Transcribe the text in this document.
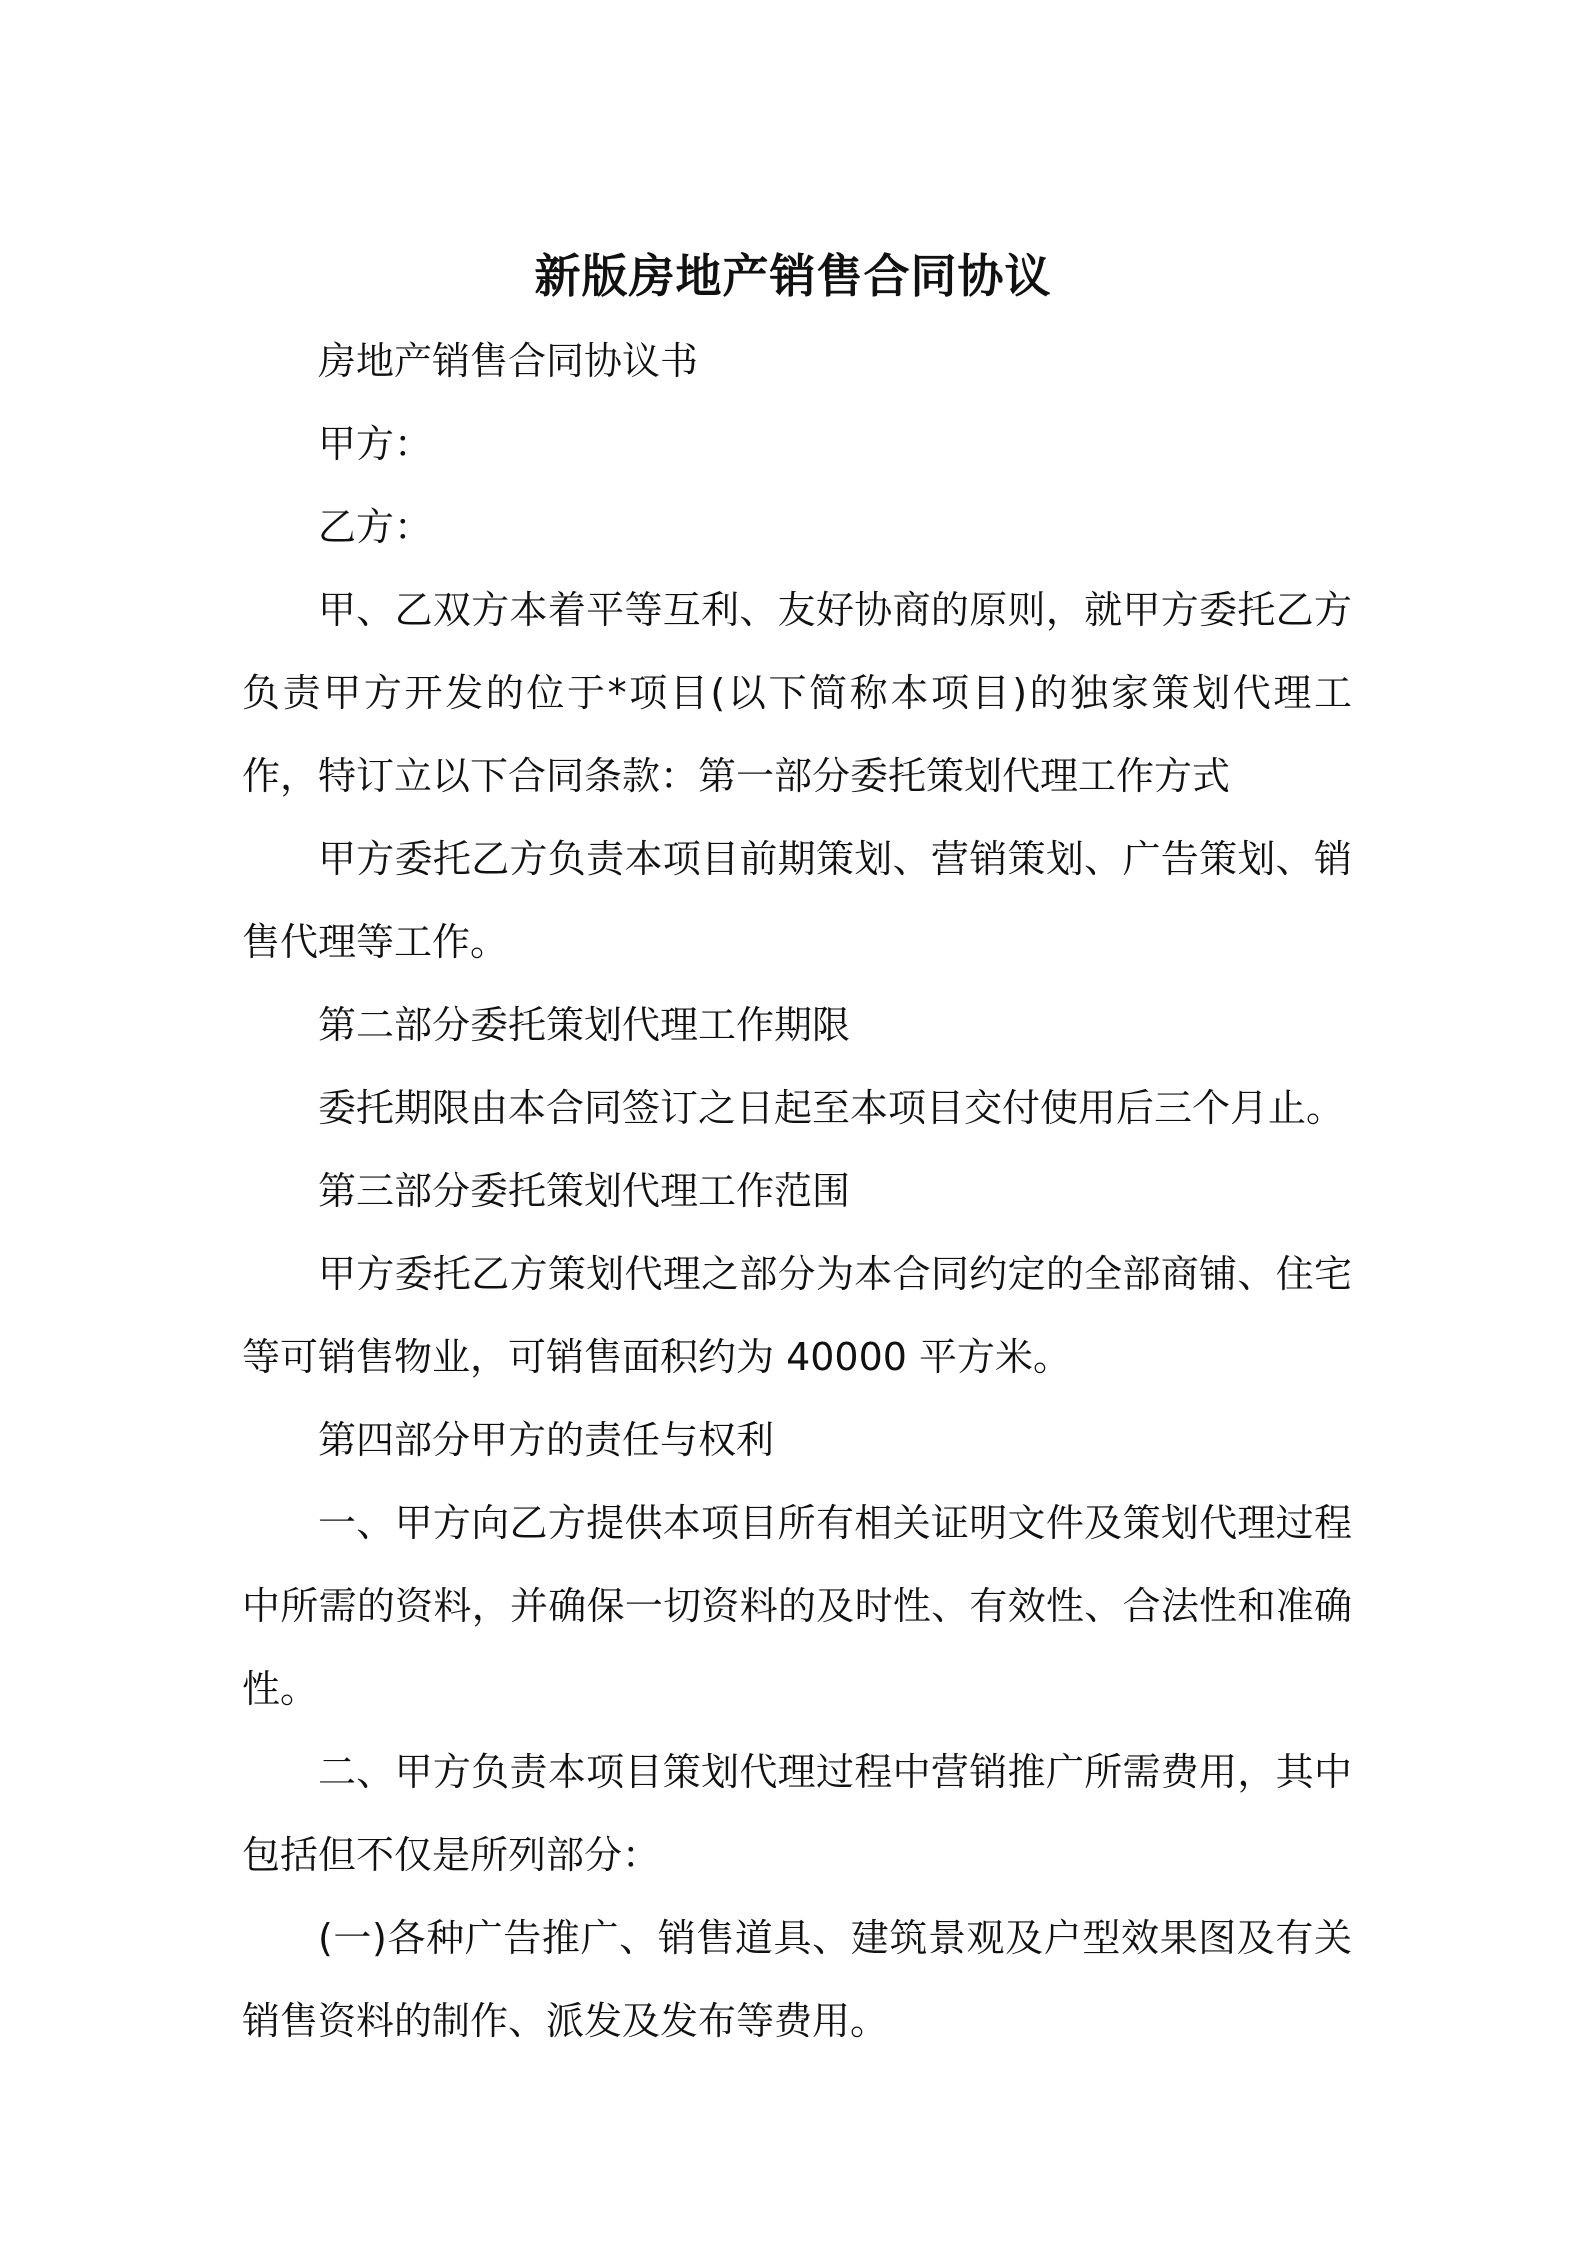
新版房地产销售合同协议

房地产销售合同协议书

甲方：

乙方：

甲、乙双方本着平等互利、友好协商的原则，就甲方委托乙方负责甲方开发的位于*项目(以下简称本项目)的独家策划代理工作，特订立以下合同条款：第一部分委托策划代理工作方式

甲方委托乙方负责本项目前期策划、营销策划、广告策划、销售代理等工作。

第二部分委托策划代理工作期限

委托期限由本合同签订之日起至本项目交付使用后三个月止。

第三部分委托策划代理工作范围

甲方委托乙方策划代理之部分为本合同约定的全部商铺、住宅等可销售物业，可销售面积约为 40000 平方米。

第四部分甲方的责任与权利

一、甲方向乙方提供本项目所有相关证明文件及策划代理过程中所需的资料，并确保一切资料的及时性、有效性、合法性和准确性。

二、甲方负责本项目策划代理过程中营销推广所需费用，其中包括但不仅是所列部分：

(一)各种广告推广、销售道具、建筑景观及户型效果图及有关销售资料的制作、派发及发布等费用。
